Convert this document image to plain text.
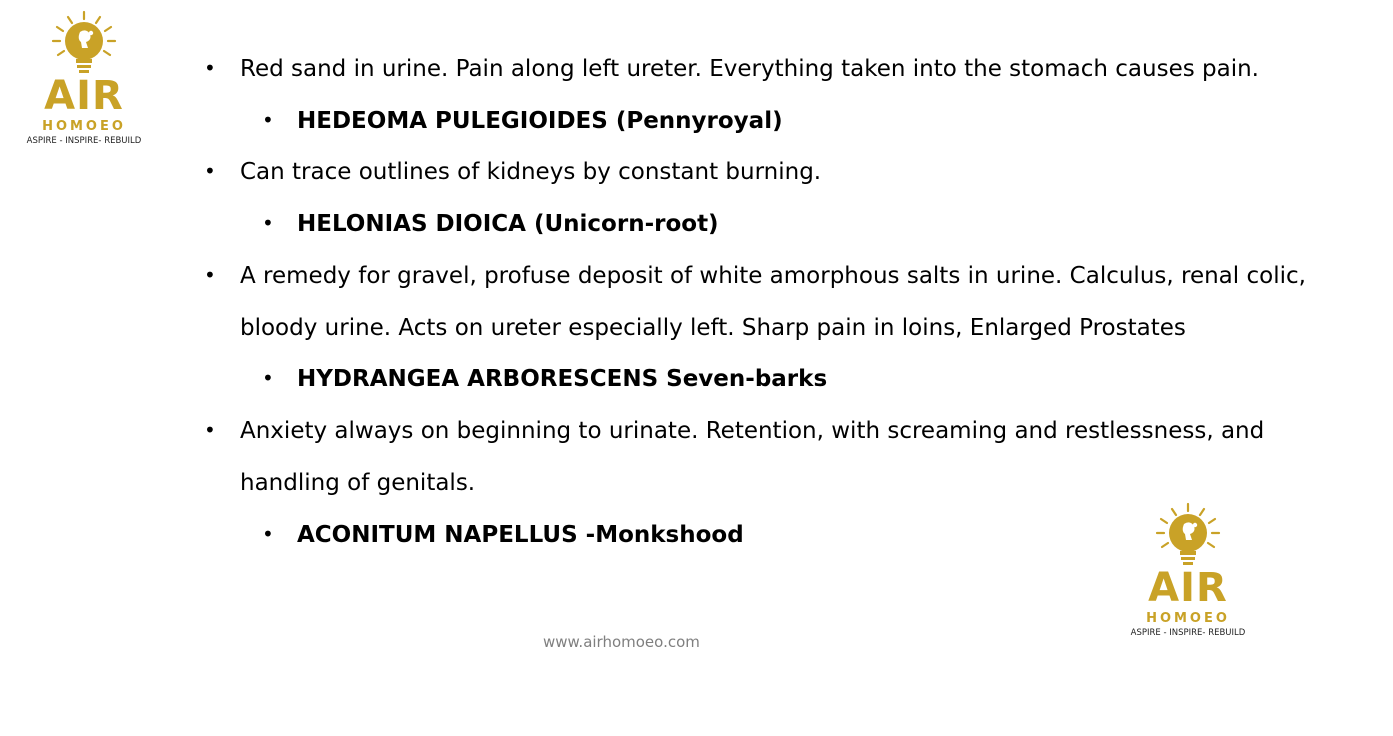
AIR
HOMOEO
ASPIRE - INSPIRE- REBUILD
• Red sand in urine. Pain along left ureter. Everything taken into the stomach causes pain.
• HEDEOMA PULEGIOIDES (Pennyroyal)
• Can trace outlines of kidneys by constant burning.
• HELONIAS DIOICA (Unicorn-root)
• A remedy for gravel, profuse deposit of white amorphous salts in urine. Calculus, renal colic,
bloody urine. Acts on ureter especially left. Sharp pain in loins, Enlarged Prostates
• HYDRANGEA ARBORESCENS Seven-barks
• Anxiety always on beginning to urinate. Retention, with screaming and restlessness, and
handling of genitals.
• ACONITUM NAPELLUS -Monkshood
www.airhomoeo.com
AIR
HOMOEO
ASPIRE - INSPIRE- REBUILD
